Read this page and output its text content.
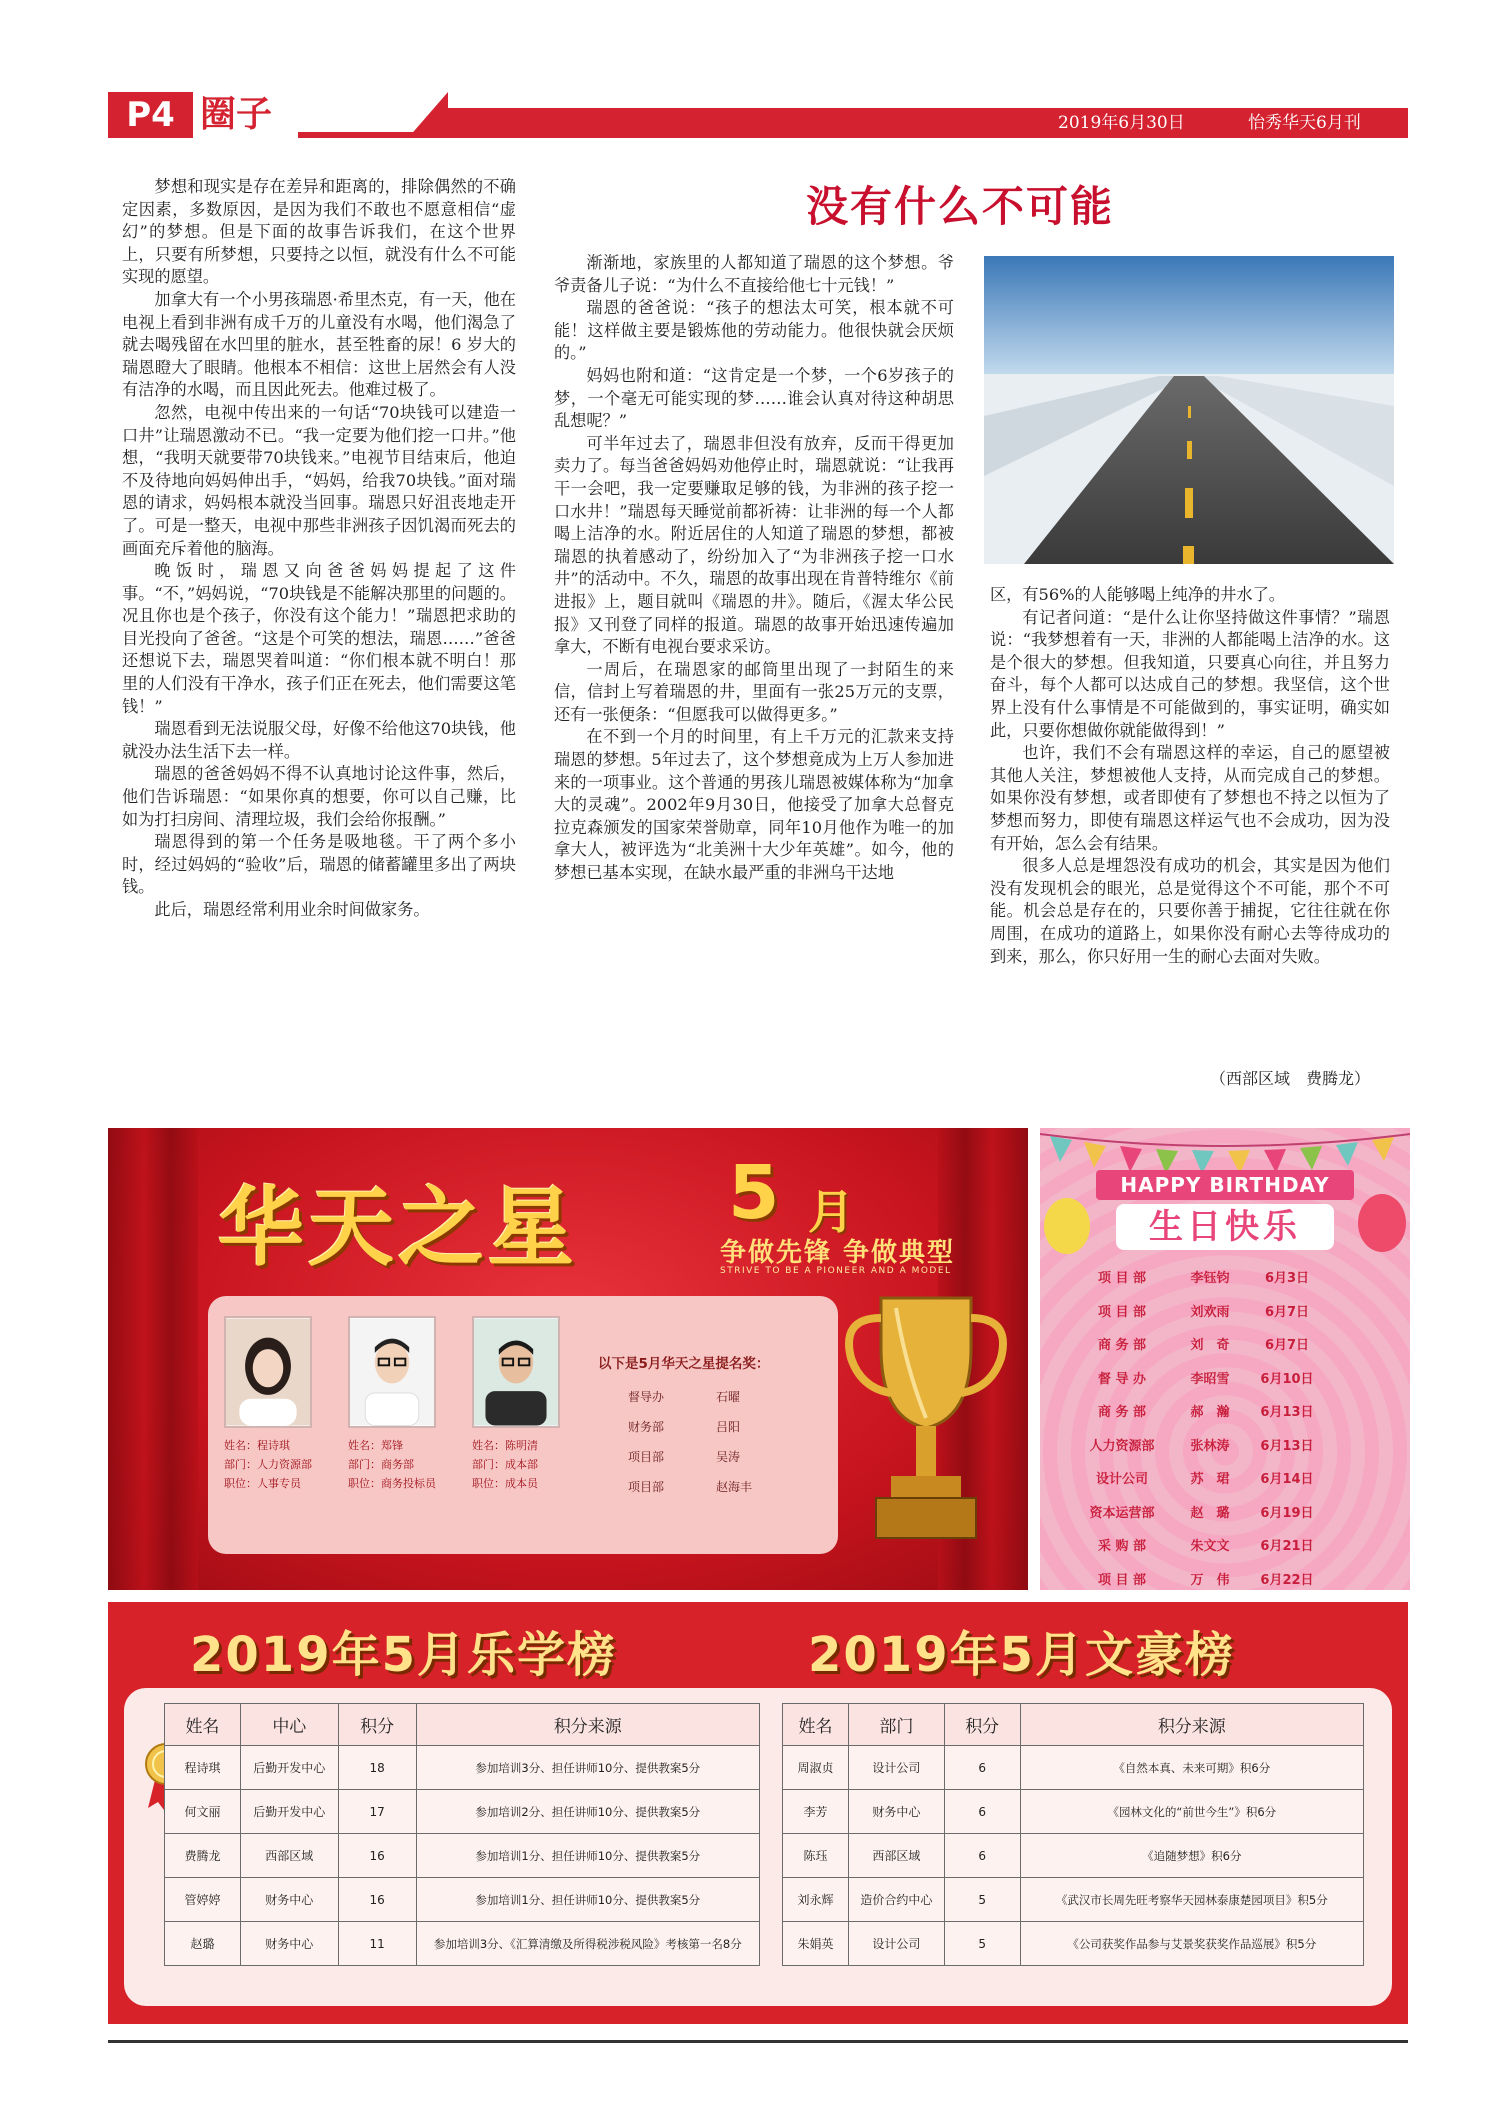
P4 圈子	2019年6月30日	怡秀华天6月刊
没有什么不可能

梦想和现实是存在差异和距离的，排除偶然的不确定因素，多数原因，是因为我们不敢也不愿意相信“虚幻”的梦想。但是下面的故事告诉我们，在这个世界上，只要有所梦想，只要持之以恒，就没有什么不可能实现的愿望。

加拿大有一个小男孩瑞恩·希里杰克，有一天，他在电视上看到非洲有成千万的儿童没有水喝，他们渴急了就去喝残留在水凹里的脏水，甚至牲畜的尿！6 岁大的瑞恩瞪大了眼睛。他根本不相信：这世上居然会有人没有洁净的水喝，而且因此死去。他难过极了。

忽然，电视中传出来的一句话“70块钱可以建造一口井”让瑞恩激动不已。“我一定要为他们挖一口井。”他想，“我明天就要带70块钱来。”电视节目结束后，他迫不及待地向妈妈伸出手，“妈妈，给我70块钱。”面对瑞恩的请求，妈妈根本就没当回事。瑞恩只好沮丧地走开了。可是一整天，电视中那些非洲孩子因饥渴而死去的画面充斥着他的脑海。

晚饭时，瑞恩又向爸爸妈妈提起了这件事。“不，”妈妈说，“70块钱是不能解决那里的问题的。况且你也是个孩子，你没有这个能力！”瑞恩把求助的目光投向了爸爸。“这是个可笑的想法，瑞恩……”爸爸还想说下去，瑞恩哭着叫道：“你们根本就不明白！那里的人们没有干净水，孩子们正在死去，他们需要这笔钱！”

瑞恩看到无法说服父母，好像不给他这70块钱，他就没办法生活下去一样。

瑞恩的爸爸妈妈不得不认真地讨论这件事，然后，他们告诉瑞恩：“如果你真的想要，你可以自己赚，比如为打扫房间、清理垃圾，我们会给你报酬。”

瑞恩得到的第一个任务是吸地毯。干了两个多小时，经过妈妈的“验收”后，瑞恩的储蓄罐里多出了两块钱。

此后，瑞恩经常利用业余时间做家务。

渐渐地，家族里的人都知道了瑞恩的这个梦想。爷爷责备儿子说：“为什么不直接给他七十元钱！”

瑞恩的爸爸说：“孩子的想法太可笑，根本就不可能！这样做主要是锻炼他的劳动能力。他很快就会厌烦的。”

妈妈也附和道：“这肯定是一个梦，一个6岁孩子的梦，一个毫无可能实现的梦……谁会认真对待这种胡思乱想呢？”

可半年过去了，瑞恩非但没有放弃，反而干得更加卖力了。每当爸爸妈妈劝他停止时，瑞恩就说：“让我再干一会吧，我一定要赚取足够的钱，为非洲的孩子挖一口水井！”瑞恩每天睡觉前都祈祷：让非洲的每一个人都喝上洁净的水。附近居住的人知道了瑞恩的梦想，都被瑞恩的执着感动了，纷纷加入了“为非洲孩子挖一口水井”的活动中。不久，瑞恩的故事出现在肯普特维尔《前进报》上，题目就叫《瑞恩的井》。随后，《渥太华公民报》又刊登了同样的报道。瑞恩的故事开始迅速传遍加拿大，不断有电视台要求采访。

一周后，在瑞恩家的邮筒里出现了一封陌生的来信，信封上写着瑞恩的井，里面有一张25万元的支票，还有一张便条：“但愿我可以做得更多。”

在不到一个月的时间里，有上千万元的汇款来支持瑞恩的梦想。5年过去了，这个梦想竟成为上万人参加进来的一项事业。这个普通的男孩儿瑞恩被媒体称为“加拿大的灵魂”。2002年9月30日，他接受了加拿大总督克拉克森颁发的国家荣誉勋章，同年10月他作为唯一的加拿大人，被评选为“北美洲十大少年英雄”。如今，他的梦想已基本实现，在缺水最严重的非洲乌干达地

区，有56%的人能够喝上纯净的井水了。

有记者问道：“是什么让你坚持做这件事情？”瑞恩说：“我梦想着有一天，非洲的人都能喝上洁净的水。这是个很大的梦想。但我知道，只要真心向往，并且努力奋斗，每个人都可以达成自己的梦想。我坚信，这个世界上没有什么事情是不可能做到的，事实证明，确实如此，只要你想做你就能做得到！”

也许，我们不会有瑞恩这样的幸运，自己的愿望被其他人关注，梦想被他人支持，从而完成自己的梦想。如果你没有梦想，或者即使有了梦想也不持之以恒为了梦想而努力，即使有瑞恩这样运气也不会成功，因为没有开始，怎么会有结果。

很多人总是埋怨没有成功的机会，其实是因为他们没有发现机会的眼光，总是觉得这个不可能，那个不可能。机会总是存在的，只要你善于捕捉，它往往就在你周围，在成功的道路上，如果你没有耐心去等待成功的到来，那么，你只好用一生的耐心去面对失败。

（西部区域　费腾龙）
华天之星 5 月
争做先锋 争做典型
STRIVE TO BE A PIONEER AND A MODEL
姓名：程诗琪
部门：人力资源部
职位：人事专员
姓名：郑锋
部门：商务部
职位：商务投标员
姓名：陈明清
部门：成本部
职位：成本员
以下是5月华天之星提名奖：
督导办	石曜
财务部	吕阳
项目部	吴涛
项目部	赵海丰
HAPPY BIRTHDAY
生日快乐
项 目 部	李钰钧	6月3日
项 目 部	刘欢雨	6月7日
商 务 部	刘　奇	6月7日
督 导 办	李昭雪	6月10日
商 务 部	郝　瀚	6月13日
人力资源部	张林涛	6月13日
设计公司	苏　珺	6月14日
资本运营部	赵　璐	6月19日
采 购 部	朱文文	6月21日
项 目 部	万　伟	6月22日
2019年5月乐学榜	2019年5月文豪榜
姓名	中心	积分	积分来源
程诗琪	后勤开发中心	18	参加培训3分、担任讲师10分、提供教案5分
何文丽	后勤开发中心	17	参加培训2分、担任讲师10分、提供教案5分
费腾龙	西部区域	16	参加培训1分、担任讲师10分、提供教案5分
管婷婷	财务中心	16	参加培训1分、担任讲师10分、提供教案5分
赵璐	财务中心	11	参加培训3分、《汇算清缴及所得税涉税风险》考核第一名8分
姓名	部门	积分	积分来源
周淑贞	设计公司	6	《自然本真、未来可期》积6分
李芳	财务中心	6	《园林文化的“前世今生”》积6分
陈珏	西部区域	6	《追随梦想》积6分
刘永辉	造价合约中心	5	《武汉市长周先旺考察华天园林泰康楚园项目》积5分
朱娟英	设计公司	5	《公司获奖作品参与艾景奖获奖作品巡展》积5分
